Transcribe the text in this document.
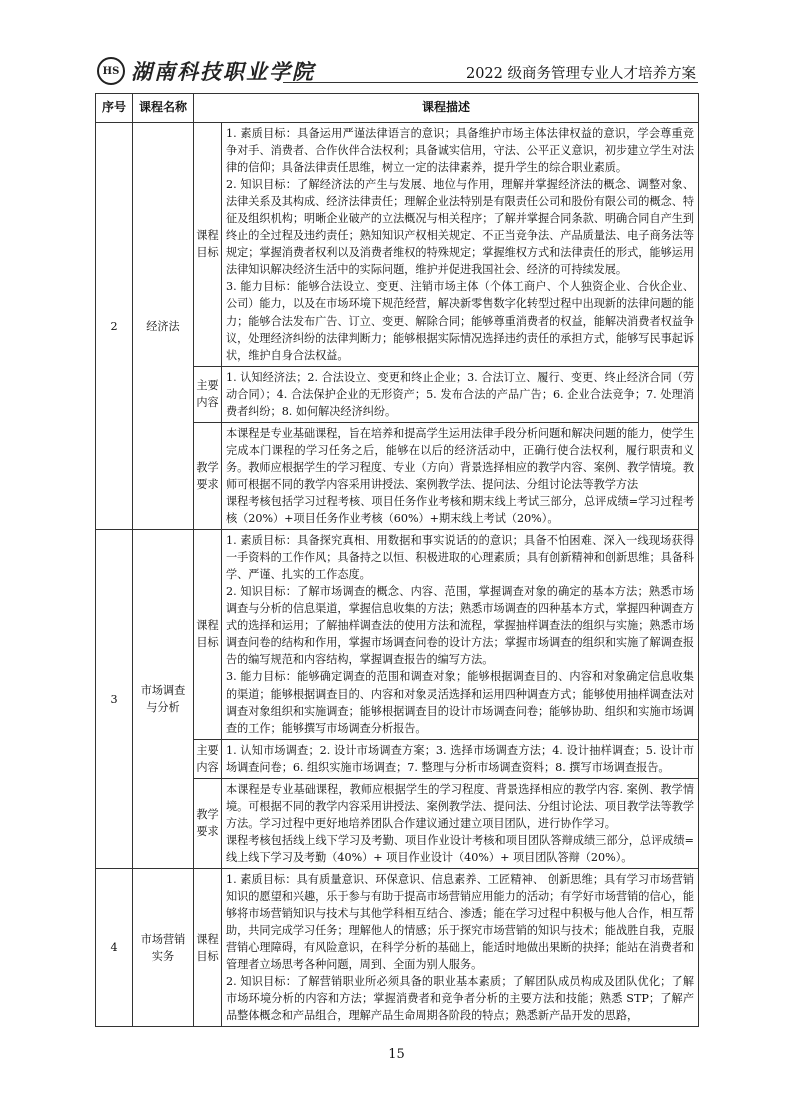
HS 湖南科技职业学院	2022 级商务管理专业人才培养方案
序号	课程名称	课程描述	
2	经济法	课程目标	1. 素质目标：具备运用严谨法律语言的意识；具备维护市场主体法律权益的意识，学会尊重竞争对手、消费者、合作伙伴合法权利；具备诚实信用，守法、公平正义意识，初步建立学生对法律的信仰；具备法律责任思维，树立一定的法律素养，提升学生的综合职业素质。

2. 知识目标：了解经济法的产生与发展、地位与作用，理解并掌握经济法的概念、调整对象、法律关系及其构成、经济法律责任；理解企业法特别是有限责任公司和股份有限公司的概念、特征及组织机构；明晰企业破产的立法概况与相关程序；了解并掌握合同条款、明确合同自产生到终止的全过程及违约责任；熟知知识产权相关规定、不正当竞争法、产品质量法、电子商务法等规定；掌握消费者权利以及消费者维权的特殊规定；掌握维权方式和法律责任的形式，能够运用法律知识解决经济生活中的实际问题，维护并促进我国社会、经济的可持续发展。

3. 能力目标：能够合法设立、变更、注销市场主体（个体工商户、个人独资企业、合伙企业、公司）能力，以及在市场环境下规范经营，解决新零售数字化转型过程中出现新的法律问题的能力；能够合法发布广告、订立、变更、解除合同；能够尊重消费者的权益，能解决消费者权益争议，处理经济纠纷的法律判断力；能够根据实际情况选择违约责任的承担方式，能够写民事起诉状，维护自身合法权益。

		主要内容	1. 认知经济法；2. 合法设立、变更和终止企业；3. 合法订立、履行、变更、终止经济合同（劳动合同）；4. 合法保护企业的无形资产；5. 发布合法的产品广告；6. 企业合法竞争；7. 处理消费者纠纷；8. 如何解决经济纠纷。

		教学要求	本课程是专业基础课程，旨在培养和提高学生运用法律手段分析问题和解决问题的能力，使学生完成本门课程的学习任务之后，能够在以后的经济活动中，正确行使合法权利，履行职责和义务。教师应根据学生的学习程度、专业（方向）背景选择相应的教学内容、案例、教学情境。教师可根据不同的教学内容采用讲授法、案例教学法、提问法、分组讨论法等教学方法

课程考核包括学习过程考核、项目任务作业考核和期末线上考试三部分，总评成绩=学习过程考核（20%）+项目任务作业考核（60%）+期末线上考试（20%）。

3	市场调查与分析	课程目标	1. 素质目标：具备探究真相、用数据和事实说话的的意识；具备不怕困难、深入一线现场获得一手资料的工作作风；具备持之以恒、积极进取的心理素质；具有创新精神和创新思维；具备科学、严谨、扎实的工作态度。

2. 知识目标：了解市场调查的概念、内容、范围，掌握调查对象的确定的基本方法；熟悉市场调查与分析的信息渠道，掌握信息收集的方法；熟悉市场调查的四种基本方式，掌握四种调查方式的选择和运用；了解抽样调查法的使用方法和流程，掌握抽样调查法的组织与实施；熟悉市场调查问卷的结构和作用，掌握市场调查问卷的设计方法；掌握市场调查的组织和实施了解调查报告的编写规范和内容结构，掌握调查报告的编写方法。

3. 能力目标：能够确定调查的范围和调查对象；能够根据调查目的、内容和对象确定信息收集的渠道；能够根据调查目的、内容和对象灵活选择和运用四种调查方式；能够使用抽样调查法对调查对象组织和实施调查；能够根据调查目的设计市场调查问卷；能够协助、组织和实施市场调查的工作；能够撰写市场调查分析报告。

		主要内容	1. 认知市场调查；2. 设计市场调查方案；3. 选择市场调查方法；4. 设计抽样调查；5. 设计市场调查问卷；6. 组织实施市场调查；7. 整理与分析市场调查资料；8. 撰写市场调查报告。

		教学要求	本课程是专业基础课程，教师应根据学生的学习程度、背景选择相应的教学内容. 案例、教学情境。可根据不同的教学内容采用讲授法、案例教学法、提问法、分组讨论法、项目教学法等教学方法。学习过程中更好地培养团队合作建议通过建立项目团队，进行协作学习。

课程考核包括线上线下学习及考勤、项目作业设计考核和项目团队答辩成绩三部分，总评成绩= 线上线下学习及考勤（40%）+ 项目作业设计（40%）+ 项目团队答辩（20%）。

4	市场营销实务	课程目标	1. 素质目标：具有质量意识、环保意识、信息素养、工匠精神、 创新思维；具有学习市场营销知识的愿望和兴趣，乐于参与有助于提高市场营销应用能力的活动；有学好市场营销的信心，能够将市场营销知识与技术与其他学科相互结合、渗透；能在学习过程中积极与他人合作，相互帮助，共同完成学习任务；理解他人的情感；乐于探究市场营销的知识与技术；能战胜自我，克服营销心理障碍，有风险意识，在科学分析的基础上，能适时地做出果断的抉择；能站在消费者和管理者立场思考各种问题，周到、全面为别人服务。

2. 知识目标：了解营销职业所必须具备的职业基本素质；了解团队成员构成及团队优化；了解市场环境分析的内容和方法；掌握消费者和竞争者分析的主要方法和技能；熟悉 STP；了解产品整体概念和产品组合，理解产品生命周期各阶段的特点；熟悉新产品开发的思路，

15
